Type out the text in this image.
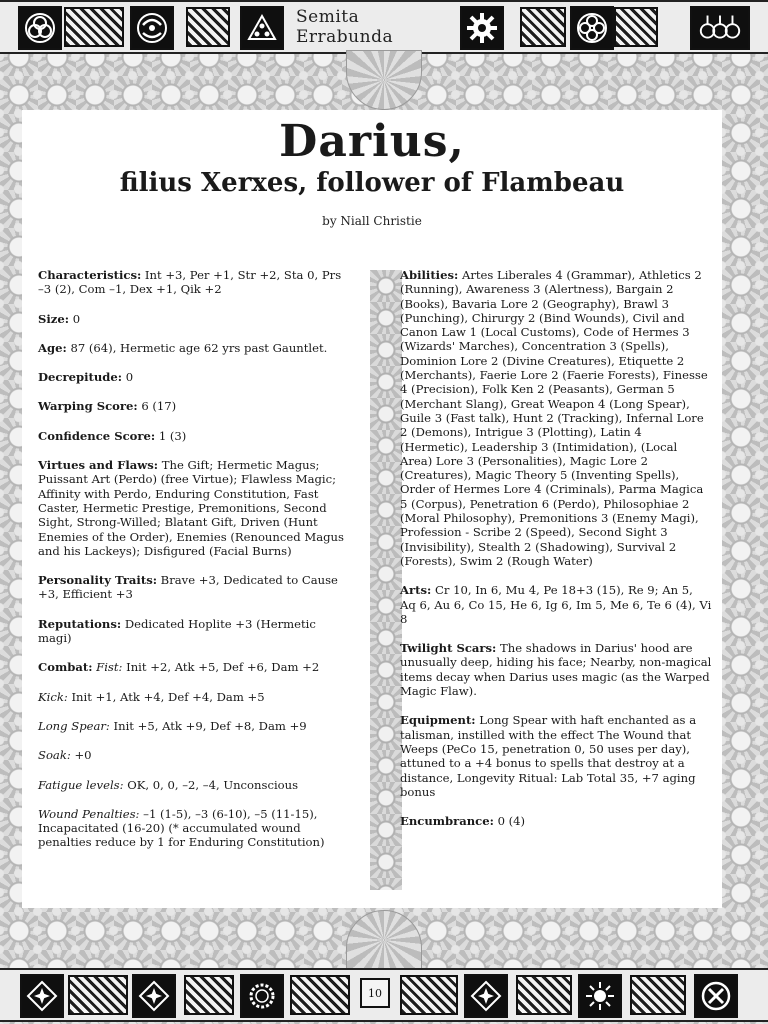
Semita Errabunda
Darius,
filius Xerxes, follower of Flambeau
by Niall Christie

Characteristics: Int +3, Per +1, Str +2, Sta 0, Prs –3 (2), Com –1, Dex +1, Qik +2

Size: 0

Age: 87 (64), Hermetic age 62 yrs past Gauntlet.

Decrepitude: 0

Warping Score: 6 (17)

Confidence Score: 1 (3)

Virtues and Flaws: The Gift; Hermetic Magus; Puissant Art (Perdo) (free Virtue); Flawless Magic; Affinity with Perdo, Enduring Constitution, Fast Caster, Hermetic Prestige, Premonitions, Second Sight, Strong-Willed; Blatant Gift, Driven (Hunt Enemies of the Order), Enemies (Renounced Magus and his Lackeys); Disfigured (Facial Burns)

Personality Traits: Brave +3, Dedicated to Cause +3, Efficient +3

Reputations: Dedicated Hoplite +3 (Hermetic magi)

Combat: Fist: Init +2, Atk +5, Def +6, Dam +2

Kick: Init +1, Atk +4, Def +4, Dam +5

Long Spear: Init +5, Atk +9, Def +8, Dam +9

Soak: +0

Fatigue levels: OK, 0, 0, –2, –4, Unconscious

Wound Penalties: –1 (1-5), –3 (6-10), –5 (11-15), Incapacitated (16-20) (* accumulated wound penalties reduce by 1 for Enduring Constitution)

Abilities: Artes Liberales 4 (Grammar), Athletics 2 (Running), Awareness 3 (Alertness), Bargain 2 (Books), Bavaria Lore 2 (Geography), Brawl 3 (Punching), Chirurgy 2 (Bind Wounds), Civil and Canon Law 1 (Local Customs), Code of Hermes 3 (Wizards' Marches), Concentration 3 (Spells), Dominion Lore 2 (Divine Creatures), Etiquette 2 (Merchants), Faerie Lore 2 (Faerie Forests), Finesse 4 (Precision), Folk Ken 2 (Peasants), German 5 (Merchant Slang), Great Weapon 4 (Long Spear), Guile 3 (Fast talk), Hunt 2 (Tracking), Infernal Lore 2 (Demons), Intrigue 3 (Plotting), Latin 4 (Hermetic), Leadership 3 (Intimidation), (Local Area) Lore 3 (Personalities), Magic Lore 2 (Creatures), Magic Theory 5 (Inventing Spells), Order of Hermes Lore 4 (Criminals), Parma Magica 5 (Corpus), Penetration 6 (Perdo), Philosophiae 2 (Moral Philosophy), Premonitions 3 (Enemy Magi), Profession - Scribe 2 (Speed), Second Sight 3 (Invisibility), Stealth 2 (Shadowing), Survival 2 (Forests), Swim 2 (Rough Water)

Arts: Cr 10, In 6, Mu 4, Pe 18+3 (15), Re 9; An 5, Aq 6, Au 6, Co 15, He 6, Ig 6, Im 5, Me 6, Te 6 (4), Vi 8

Twilight Scars: The shadows in Darius' hood are unusually deep, hiding his face; Nearby, non-magical items decay when Darius uses magic (as the Warped Magic Flaw).

Equipment: Long Spear with haft enchanted as a talisman, instilled with the effect The Wound that Weeps (PeCo 15, penetration 0, 50 uses per day), attuned to a +4 bonus to spells that destroy at a distance, Longevity Ritual: Lab Total 35, +7 aging bonus

Encumbrance: 0 (4)

10
